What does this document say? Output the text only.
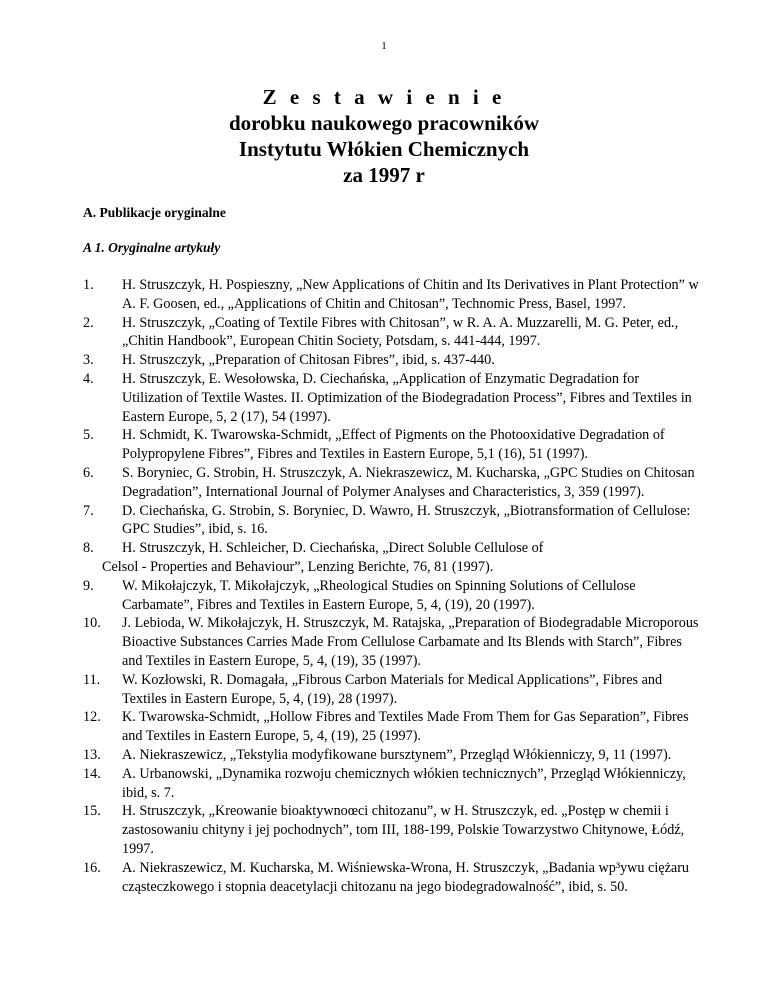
1
Z e s t a w i e n i e
dorobku naukowego pracowników
Instytutu Włókien Chemicznych
za 1997 r
A. Publikacje oryginalne
A 1. Oryginalne artykuły
1. H. Struszczyk, H. Pospieszny, „New Applications of Chitin and Its Derivatives in Plant Protection” w A. F. Goosen, ed., „Applications of Chitin and Chitosan”, Technomic Press, Basel, 1997.
2. H. Struszczyk, „Coating of Textile Fibres with Chitosan”, w R. A. A. Muzzarelli, M. G. Peter, ed., „Chitin Handbook”, European Chitin Society, Potsdam, s. 441-444, 1997.
3. H. Struszczyk, „Preparation of Chitosan Fibres”, ibid, s. 437-440.
4. H. Struszczyk, E. Wesołowska, D. Ciechańska, „Application of Enzymatic Degradation for Utilization of Textile Wastes. II. Optimization of the Biodegradation Process”, Fibres and Textiles in Eastern Europe, 5, 2 (17), 54 (1997).
5. H. Schmidt, K. Twarowska-Schmidt, „Effect of Pigments on the Photooxidative Degradation of Polypropylene Fibres”, Fibres and Textiles in Eastern Europe, 5,1 (16), 51 (1997).
6. S. Boryniec, G. Strobin, H. Struszczyk, A. Niekraszewicz, M. Kucharska, „GPC Studies on Chitosan Degradation”, International Journal of Polymer Analyses and Characteristics, 3, 359 (1997).
7. D. Ciechańska, G. Strobin, S. Boryniec, D. Wawro, H. Struszczyk, „Biotransformation of Cellulose: GPC Studies”, ibid, s. 16.
8. H. Struszczyk, H. Schleicher, D. Ciechańska, „Direct Soluble Cellulose of
Celsol - Properties and Behaviour”, Lenzing Berichte, 76, 81 (1997).
9. W. Mikołajczyk, T. Mikołajczyk, „Rheological Studies on Spinning Solutions of Cellulose Carbamate”, Fibres and Textiles in Eastern Europe, 5, 4, (19), 20 (1997).
10. J. Lebioda, W. Mikołajczyk, H. Struszczyk, M. Ratajska, „Preparation of Biodegradable Microporous Bioactive Substances Carries Made From Cellulose Carbamate and Its Blends with Starch”, Fibres and Textiles in Eastern Europe, 5, 4, (19), 35 (1997).
11. W. Kozłowski, R. Domagała, „Fibrous Carbon Materials for Medical Applications”, Fibres and Textiles in Eastern Europe, 5, 4, (19), 28 (1997).
12. K. Twarowska-Schmidt, „Hollow Fibres and Textiles Made From Them for Gas Separation”, Fibres and Textiles in Eastern Europe, 5, 4, (19), 25 (1997).
13. A. Niekraszewicz, „Tekstylia modyfikowane bursztynem”, Przegląd Włókienniczy, 9, 11 (1997).
14. A. Urbanowski, „Dynamika rozwoju chemicznych włókien technicznych”, Przegląd Włókienniczy, ibid, s. 7.
15. H. Struszczyk, „Kreowanie bioaktywnoœci chitozanu”, w H. Struszczyk, ed. „Postęp w chemii i zastosowaniu chityny i jej pochodnych”, tom III, 188-199, Polskie Towarzystwo Chitynowe, Łódź, 1997.
16. A. Niekraszewicz, M. Kucharska, M. Wiśniewska-Wrona, H. Struszczyk, „Badania wp³ywu ciężaru cząsteczkowego i stopnia deacetylacji chitozanu na jego biodegradowalność”, ibid, s. 50.
